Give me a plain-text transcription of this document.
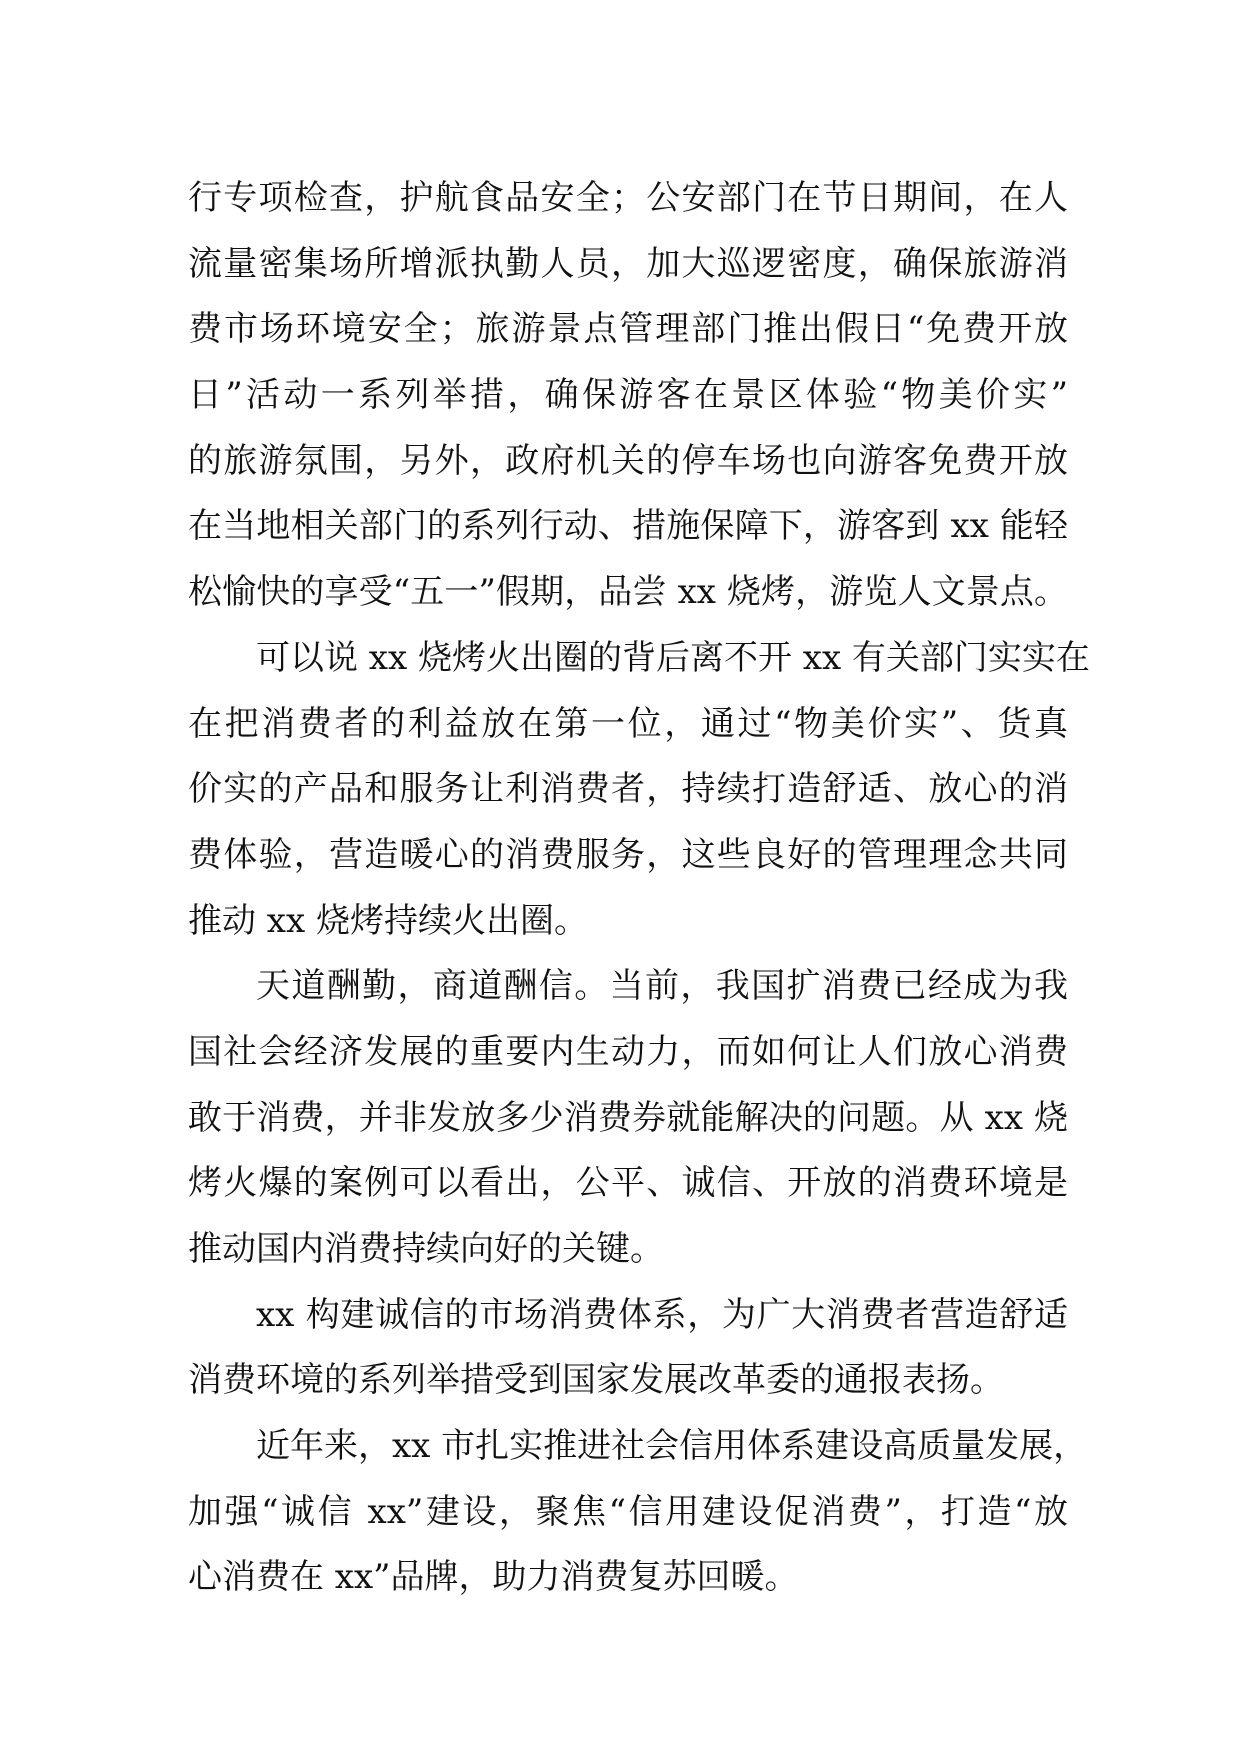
行专项检查，护航食品安全；公安部门在节日期间，在人
流量密集场所增派执勤人员，加大巡逻密度，确保旅游消
费市场环境安全；旅游景点管理部门推出假日“免费开放
日”活动一系列举措，确保游客在景区体验“物美价实”
的旅游氛围，另外，政府机关的停车场也向游客免费开放
在当地相关部门的系列行动、措施保障下，游客到 xx 能轻
松愉快的享受“五一”假期，品尝 xx 烧烤，游览人文景点。
可以说 xx 烧烤火出圈的背后离不开 xx 有关部门实实在
在把消费者的利益放在第一位，通过“物美价实”、货真
价实的产品和服务让利消费者，持续打造舒适、放心的消
费体验，营造暖心的消费服务，这些良好的管理理念共同
推动 xx 烧烤持续火出圈。
天道酬勤，商道酬信。当前，我国扩消费已经成为我
国社会经济发展的重要内生动力，而如何让人们放心消费
敢于消费，并非发放多少消费券就能解决的问题。从 xx 烧
烤火爆的案例可以看出，公平、诚信、开放的消费环境是
推动国内消费持续向好的关键。
xx 构建诚信的市场消费体系，为广大消费者营造舒适
消费环境的系列举措受到国家发展改革委的通报表扬。
近年来，xx 市扎实推进社会信用体系建设高质量发展，
加强“诚信 xx”建设，聚焦“信用建设促消费”，打造“放
心消费在 xx”品牌，助力消费复苏回暖。
